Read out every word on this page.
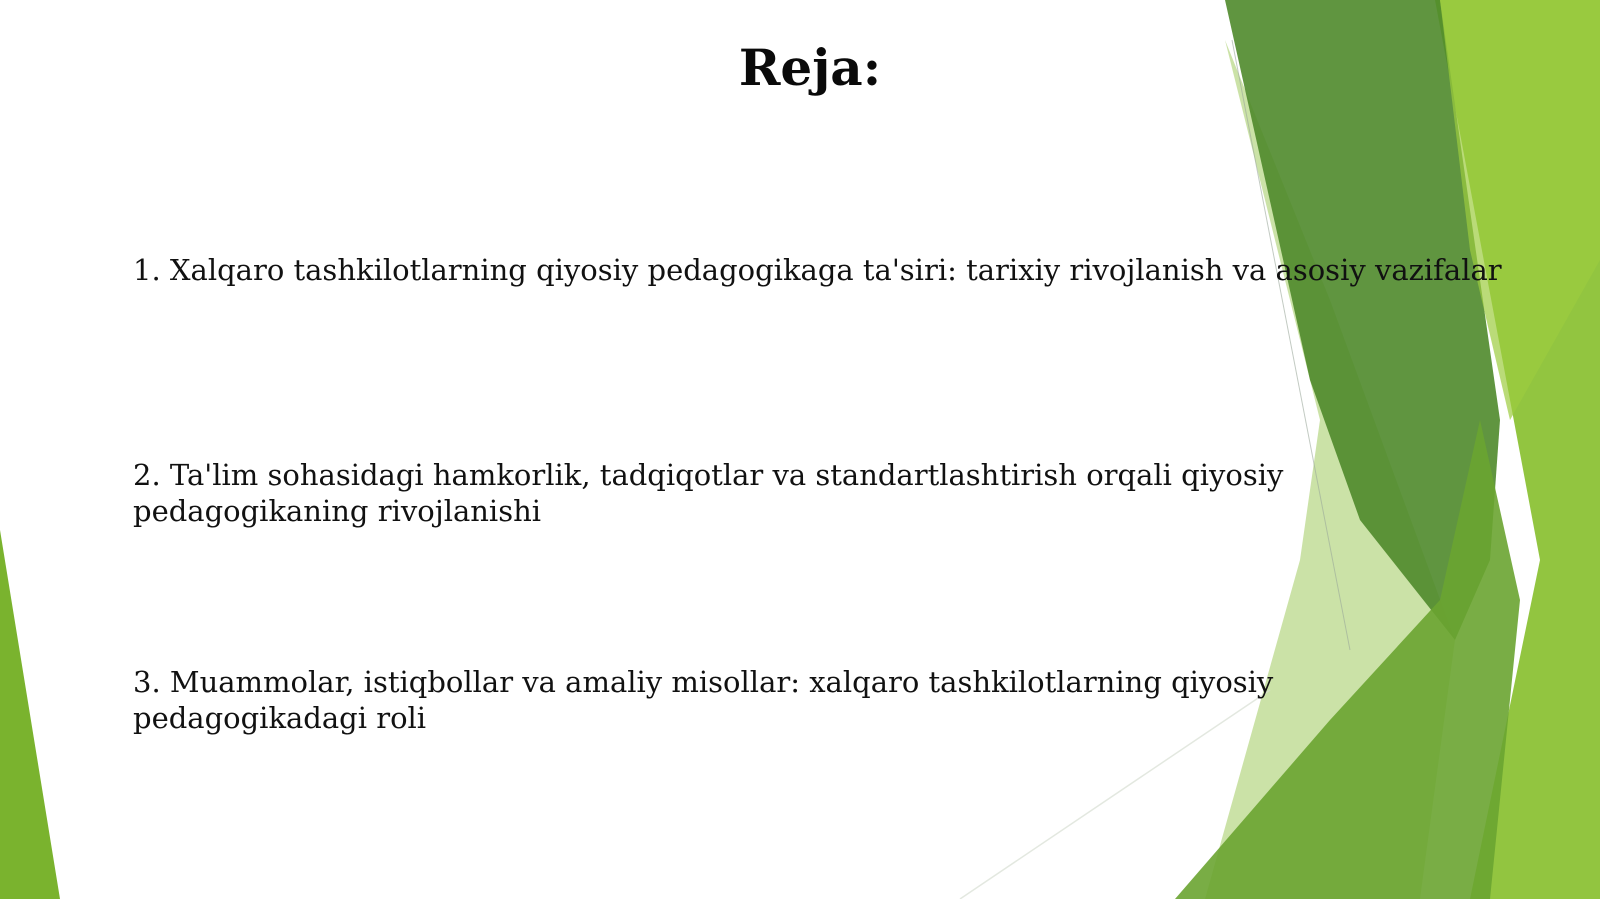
Reja:

1. Xalqaro tashkilotlarning qiyosiy pedagogikaga ta'siri: tarixiy rivojlanish va asosiy vazifalar

2. Ta'lim sohasidagi hamkorlik, tadqiqotlar va standartlashtirish orqali qiyosiy pedagogikaning rivojlanishi

3. Muammolar, istiqbollar va amaliy misollar: xalqaro tashkilotlarning qiyosiy pedagogikadagi roli
